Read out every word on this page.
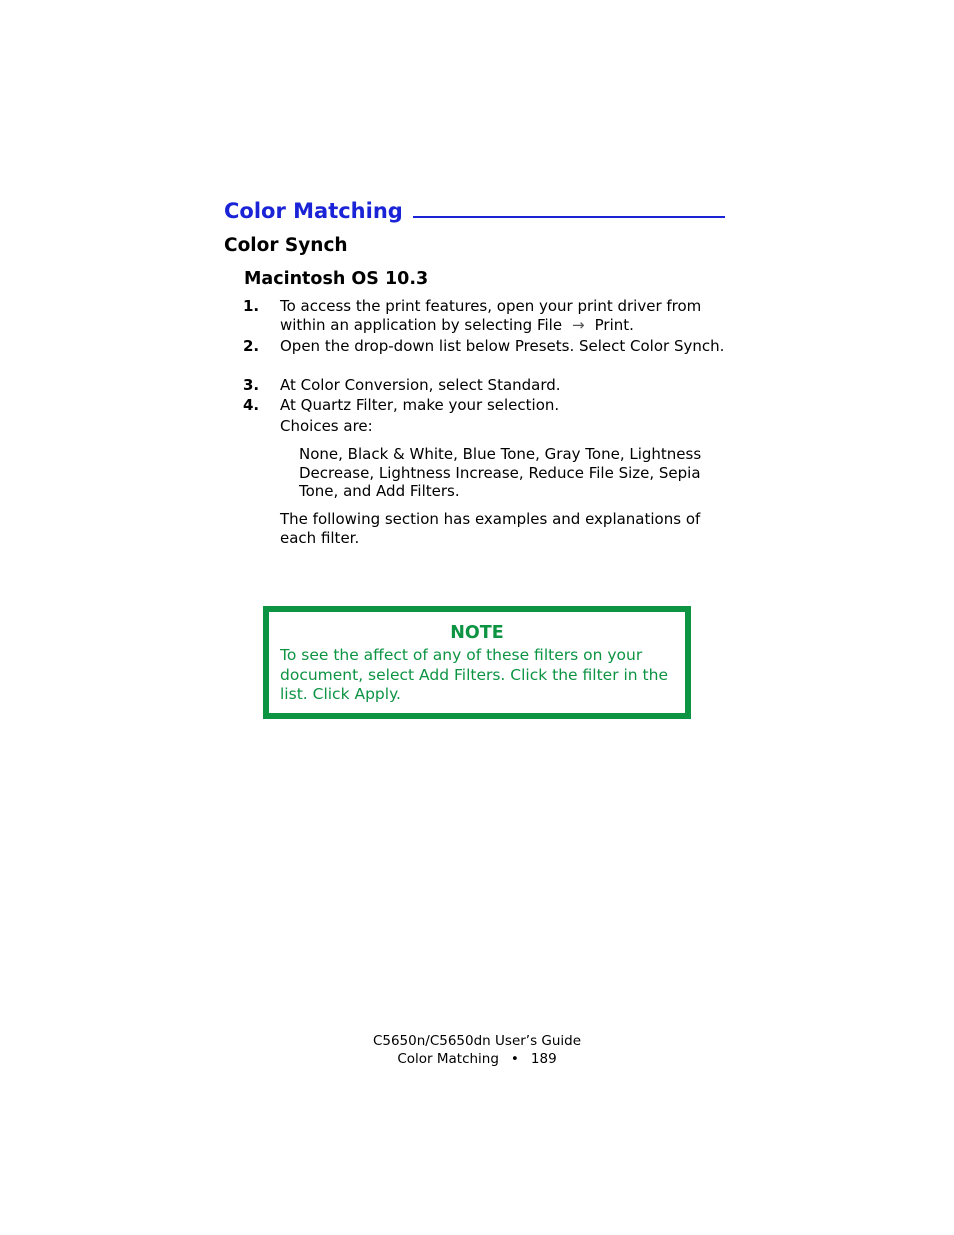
Color Matching
Color Synch
Macintosh OS 10.3
1. To access the print features, open your print driver from within an application by selecting File → Print.
2. Open the drop-down list below Presets. Select Color Synch.
3. At Color Conversion, select Standard.
4. At Quartz Filter, make your selection.
Choices are:
None, Black & White, Blue Tone, Gray Tone, Lightness Decrease, Lightness Increase, Reduce File Size, Sepia Tone, and Add Filters.
The following section has examples and explanations of each filter.
NOTE
To see the affect of any of these filters on your document, select Add Filters. Click the filter in the list. Click Apply.
C5650n/C5650dn User’s Guide
Color Matching • 189
